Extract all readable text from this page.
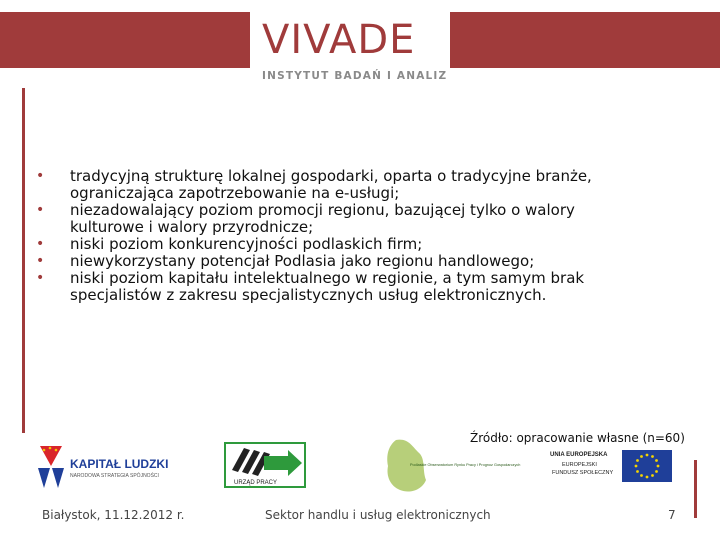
VIVADE
INSTYTUT BADAŃ I ANALIZ
• tradycyjną strukturę lokalnej gospodarki, oparta o tradycyjne branże, ograniczająca zapotrzebowanie na e-usługi;
• niezadowalający poziom promocji regionu, bazującej tylko o walory kulturowe i walory przyrodnicze;
• niski poziom konkurencyjności podlaskich firm;
• niewykorzystany potencjał Podlasia jako regionu handlowego;
• niski poziom kapitału intelektualnego w regionie, a tym samym brak specjalistów z zakresu specjalistycznych usług elektronicznych.
Źródło: opracowanie własne (n=60)
KAPITAŁ LUDZKI
NARODOWA STRATEGIA SPÓJNOŚCI
URZĄD PRACY
Podlaskie Obserwatorium Rynku Pracy i Prognoz Gospodarczych
UNIA EUROPEJSKA
EUROPEJSKI
FUNDUSZ SPOŁECZNY
Białystok, 11.12.2012 r.	Sektor handlu i usług elektronicznych	7
